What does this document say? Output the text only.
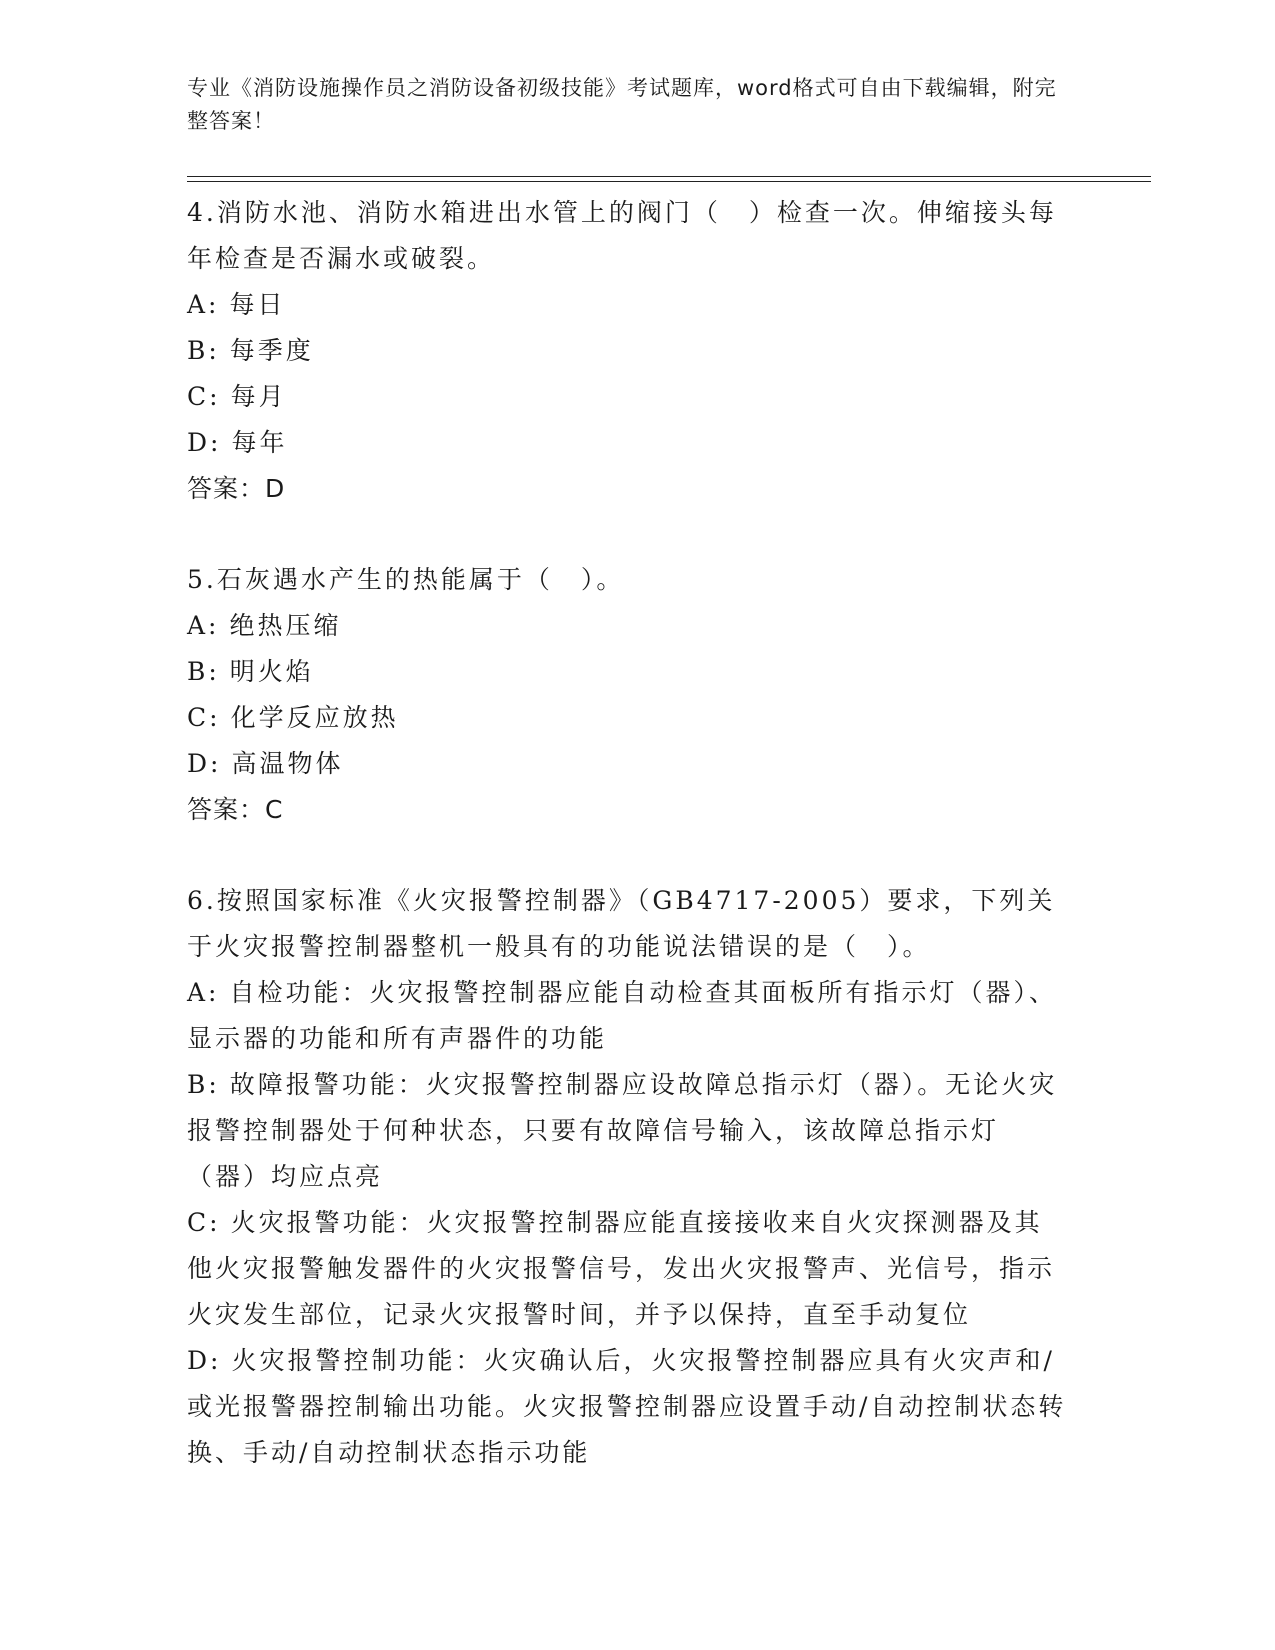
专业《消防设施操作员之消防设备初级技能》考试题库，word格式可自由下载编辑，附完整答案！
4.消防水池、消防水箱进出水管上的阀门（　）检查一次。伸缩接头每年检查是否漏水或破裂。
A: 每日
B: 每季度
C: 每月
D: 每年
答案：D
5.石灰遇水产生的热能属于（　）。
A: 绝热压缩
B: 明火焰
C: 化学反应放热
D: 高温物体
答案：C
6.按照国家标准《火灾报警控制器》（GB4717-2005）要求，下列关于火灾报警控制器整机一般具有的功能说法错误的是（　）。
A: 自检功能：火灾报警控制器应能自动检查其面板所有指示灯（器）、显示器的功能和所有声器件的功能
B: 故障报警功能：火灾报警控制器应设故障总指示灯（器）。无论火灾报警控制器处于何种状态，只要有故障信号输入，该故障总指示灯（器）均应点亮
C: 火灾报警功能：火灾报警控制器应能直接接收来自火灾探测器及其他火灾报警触发器件的火灾报警信号，发出火灾报警声、光信号，指示火灾发生部位，记录火灾报警时间，并予以保持，直至手动复位
D: 火灾报警控制功能：火灾确认后，火灾报警控制器应具有火灾声和/或光报警器控制输出功能。火灾报警控制器应设置手动/自动控制状态转换、手动/自动控制状态指示功能
